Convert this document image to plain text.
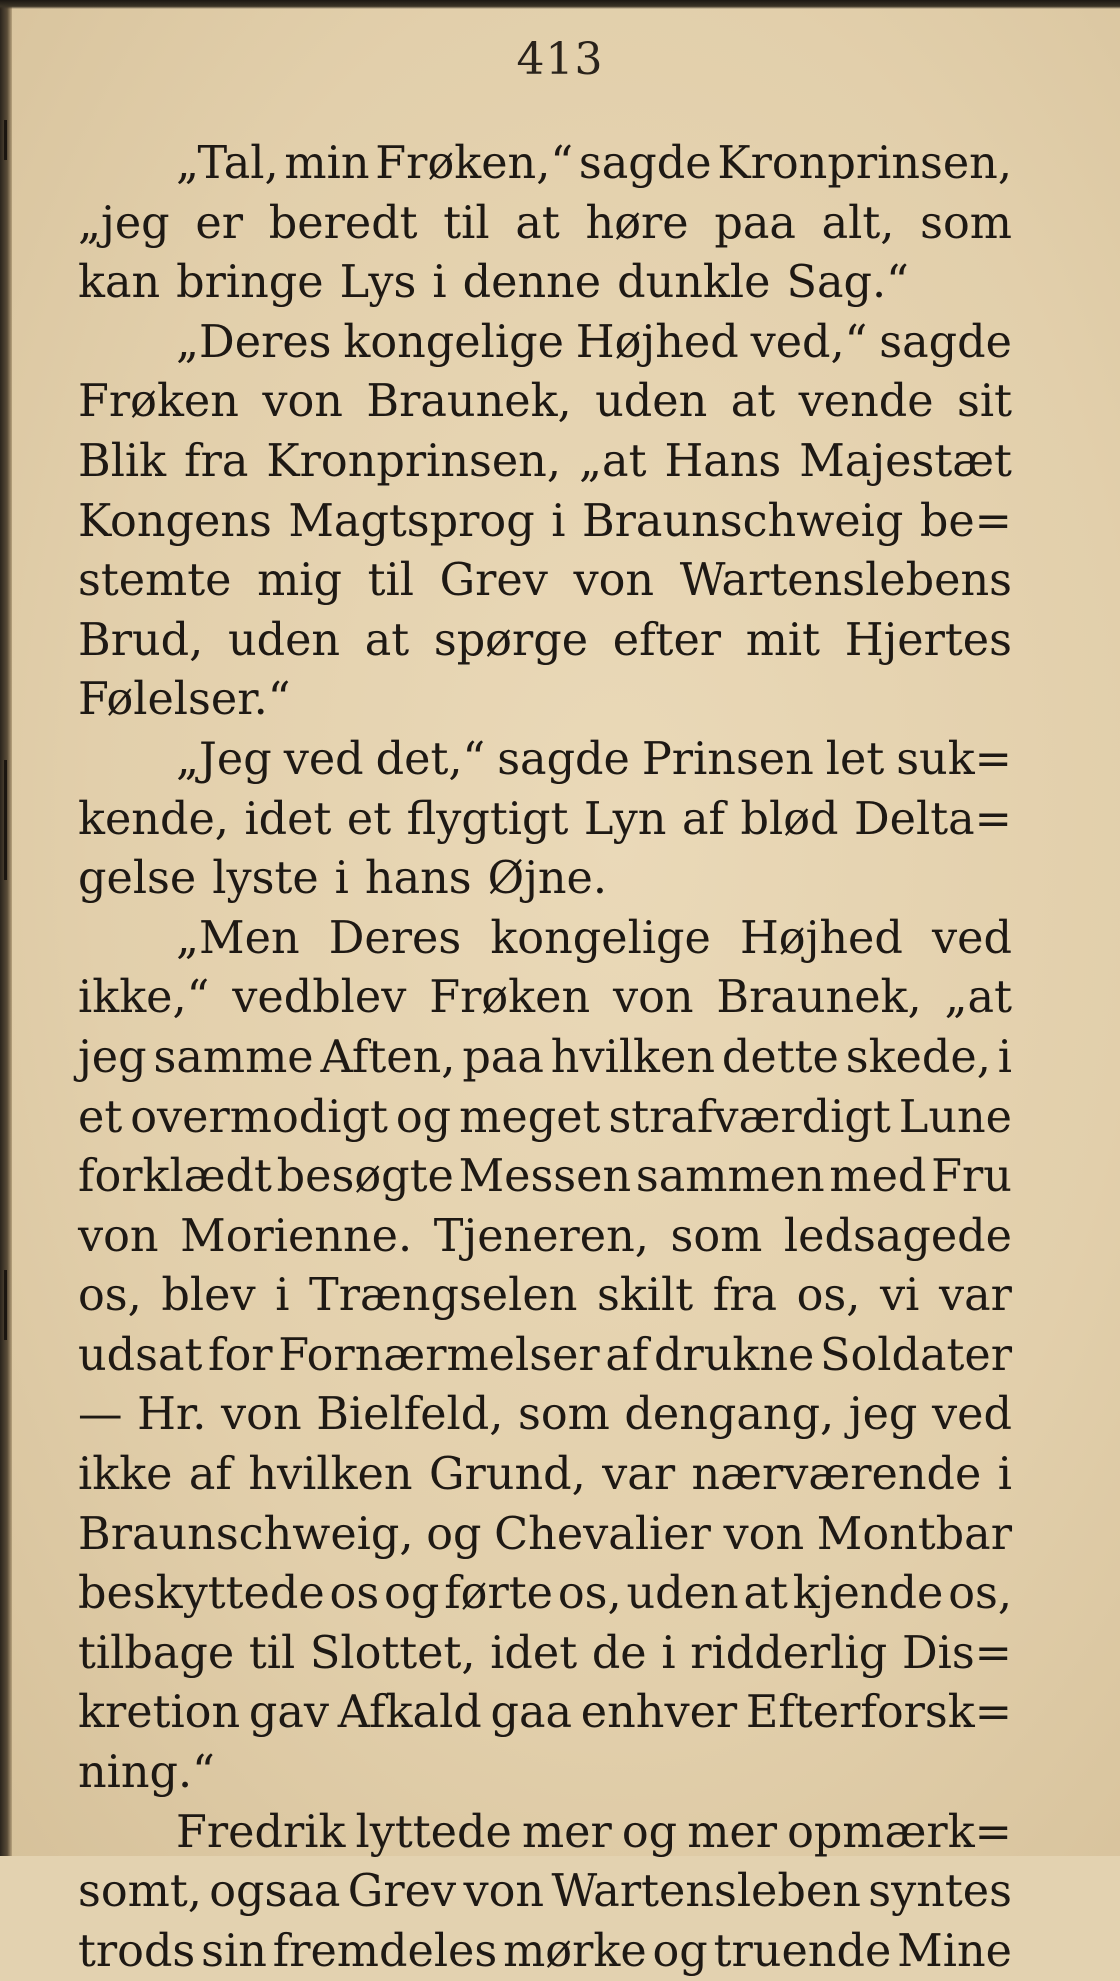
413
„Tal, min Frøken,“ sagde Kronprinsen,
„jeg er beredt til at høre paa alt, som
kan bringe Lys i denne dunkle Sag.“
„Deres kongelige Højhed ved,“ sagde
Frøken von Braunek, uden at vende sit
Blik fra Kronprinsen, „at Hans Majestæt
Kongens Magtsprog i Braunschweig be=
stemte mig til Grev von Wartenslebens
Brud, uden at spørge efter mit Hjertes
Følelser.“
„Jeg ved det,“ sagde Prinsen let suk=
kende, idet et flygtigt Lyn af blød Delta=
gelse lyste i hans Øjne.
„Men Deres kongelige Højhed ved
ikke,“ vedblev Frøken von Braunek, „at
jeg samme Aften, paa hvilken dette skede, i
et overmodigt og meget strafværdigt Lune
forklædt besøgte Messen sammen med Fru
von Morienne. Tjeneren, som ledsagede
os, blev i Trængselen skilt fra os, vi var
udsat for Fornærmelser af drukne Soldater
— Hr. von Bielfeld, som dengang, jeg ved
ikke af hvilken Grund, var nærværende i
Braunschweig, og Chevalier von Montbar
beskyttede os og førte os, uden at kjende os,
tilbage til Slottet, idet de i ridderlig Dis=
kretion gav Afkald gaa enhver Efterforsk=
ning.“
Fredrik lyttede mer og mer opmærk=
somt, ogsaa Grev von Wartensleben syntes
trods sin fremdeles mørke og truende Mine
